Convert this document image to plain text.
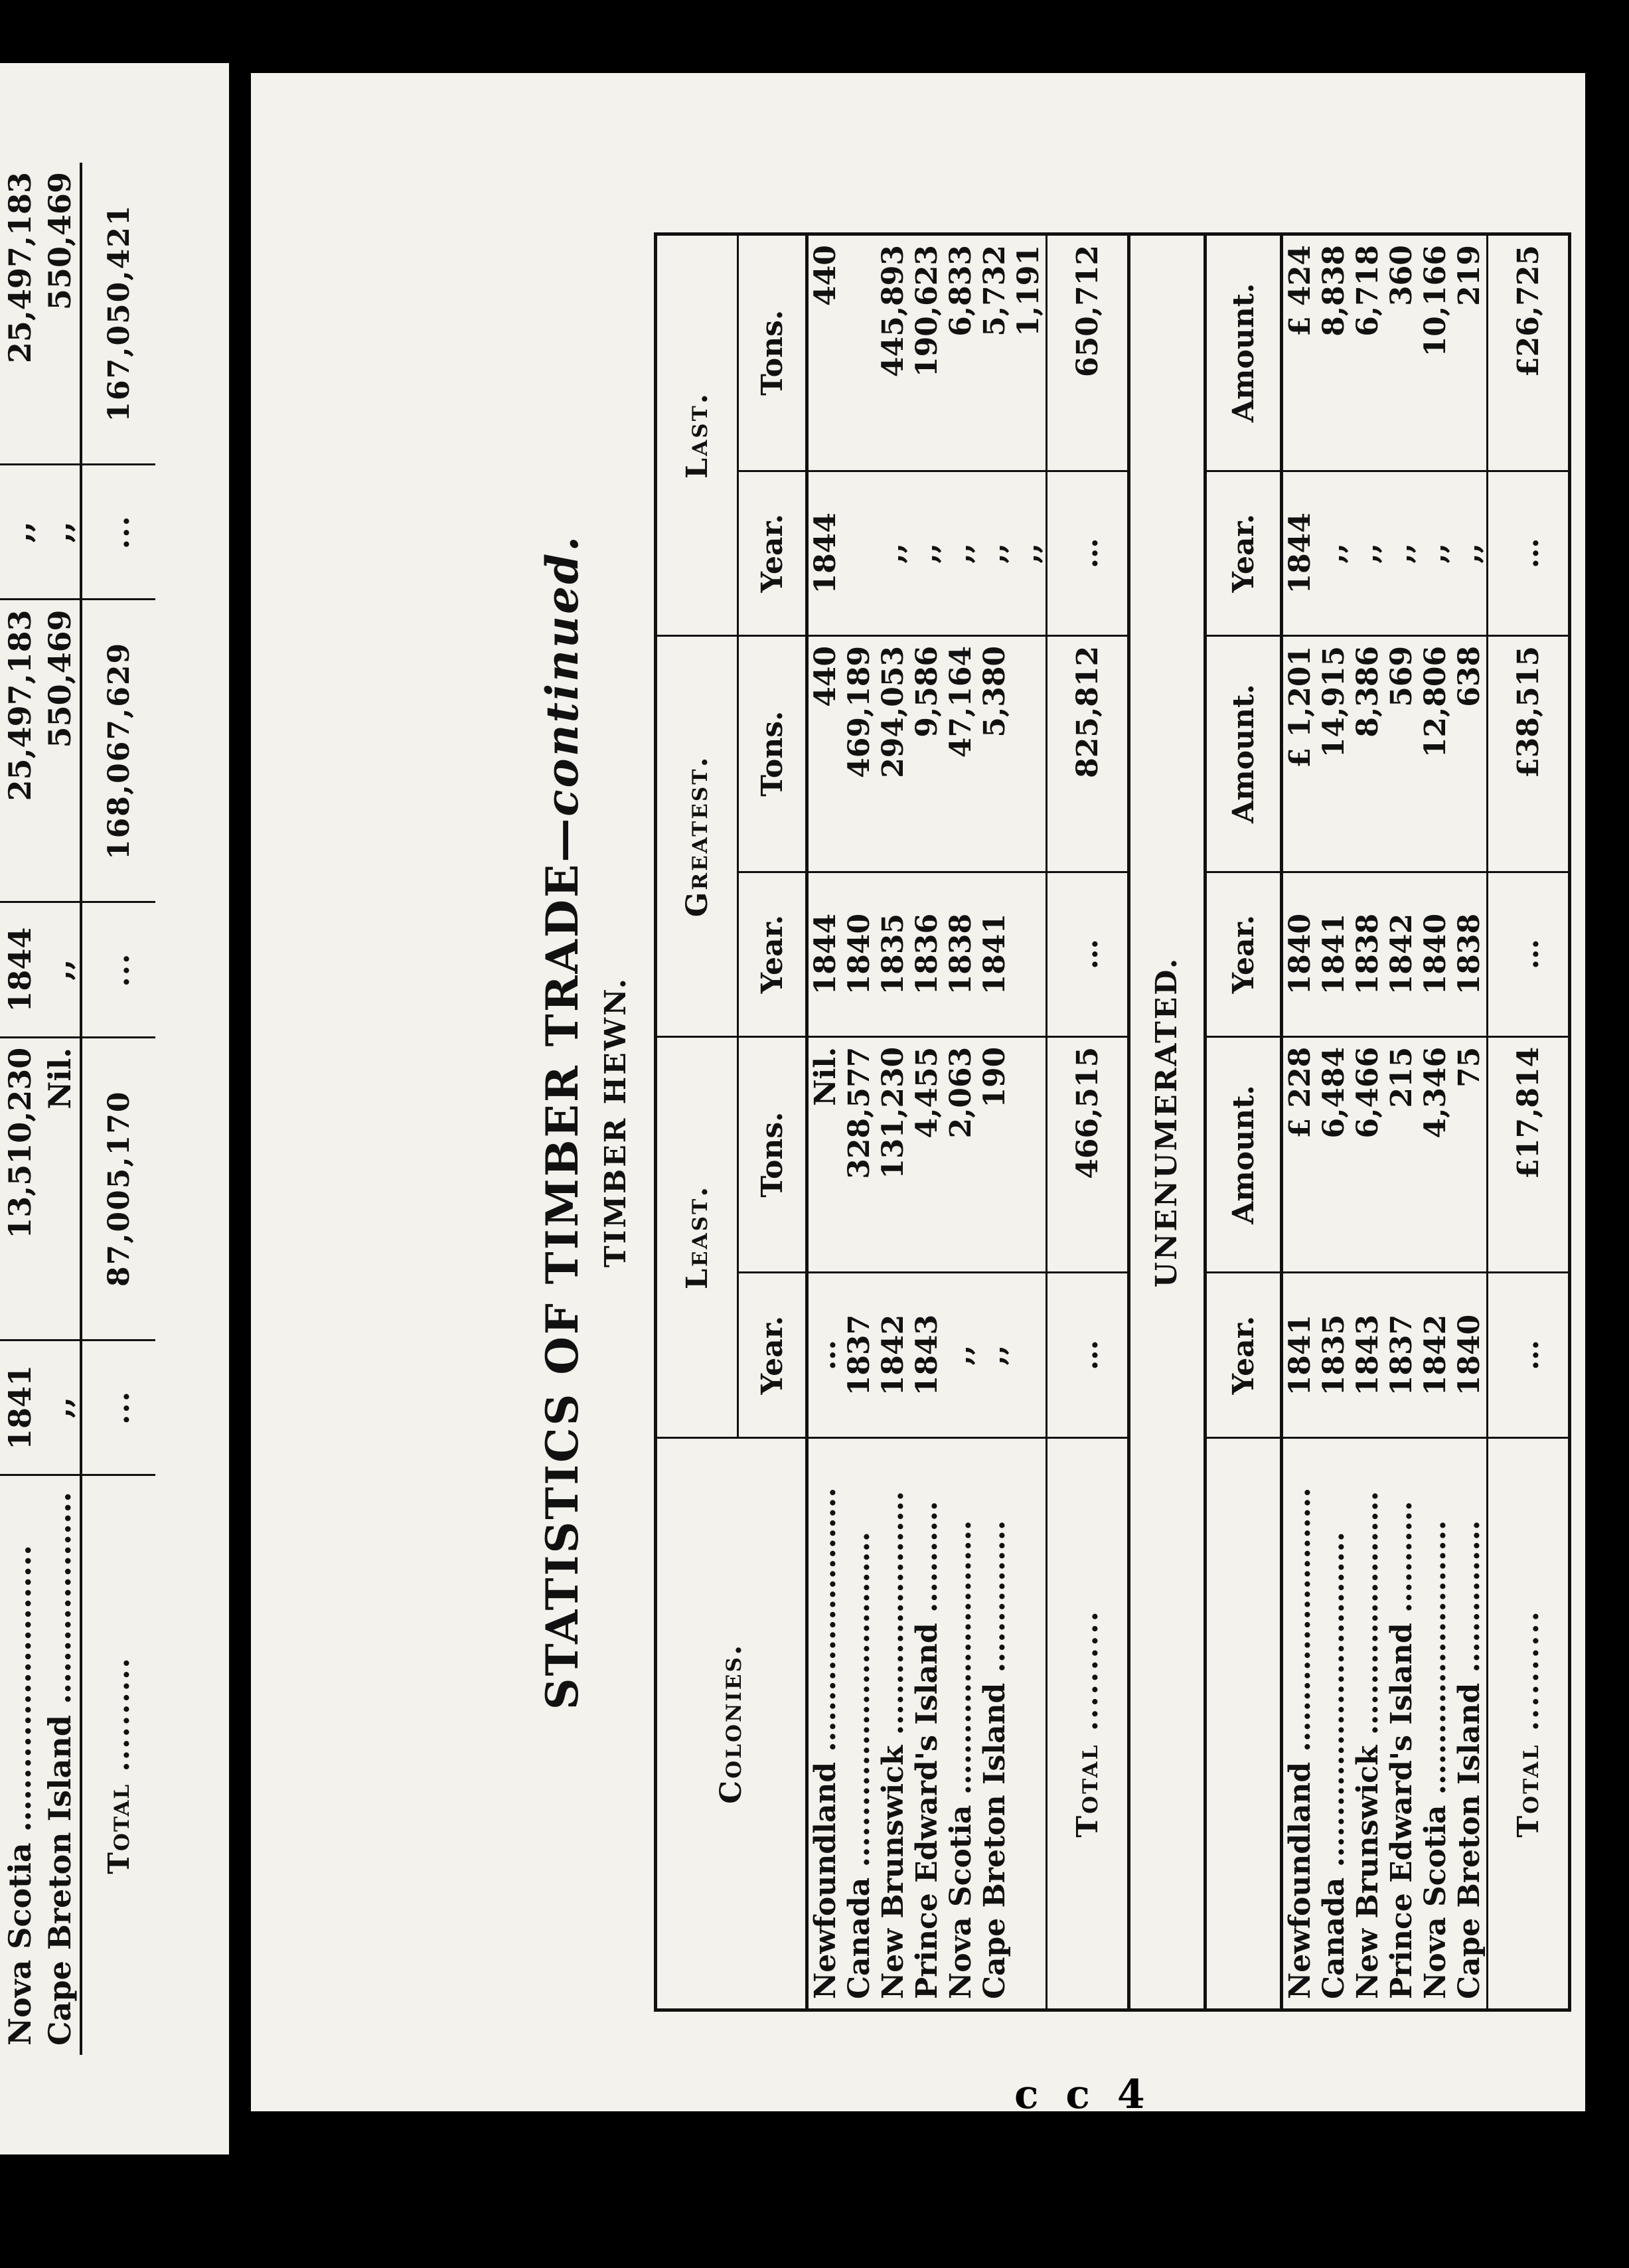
Nova Scotia ...........................	1841	13,510,230	1844	25,497,183	,,	25,497,183
Cape Breton Island ....................	,,	Nil.	,,	550,469	,,	550,469
Total ..........	...	87,005,170	...	168,067,629	...	167,050,421
STATISTICS OF TIMBER TRADE—continued.
TIMBER HEWN.
Colonies.	Least.		Greatest.		Last.	
	Year.	Tons.	Year.	Tons.	Year.	Tons.
Newfoundland ..........................	...	Nil.	1844	440	1844	440
Canada .................................	1837	328,577	1840	469,189		
New Brunswick ........................	1842	131,230	1835	294,053	,,	445,893
Prince Edward's Island ...........	1843	4,455	1836	9,586	,,	190,623
Nova Scotia ...........................	,,	2,063	1838	47,164	,,	6,833
Cape Breton Island ...............	,,	190	1841	5,380	,,	5,732
					,,	1,191
Total ..........	...	466,515	...	825,812	...	650,712
UNENUMERATED.
	Year.	Amount.	Year.	Amount.	Year.	Amount.
Newfoundland ..........................	1841	£ 228	1840	£ 1,201	1844	£ 424
Canada .................................	1835	6,484	1841	14,915	,,	8,838
New Brunswick ........................	1843	6,466	1838	8,386	,,	6,718
Prince Edward's Island ...........	1837	215	1842	569	,,	360
Nova Scotia ...........................	1842	4,346	1840	12,806	,,	10,166
Cape Breton Island ...............	1840	75	1838	638	,,	219
Total ..........	...	£17,814	...	£38,515	...	£26,725
c c 4
